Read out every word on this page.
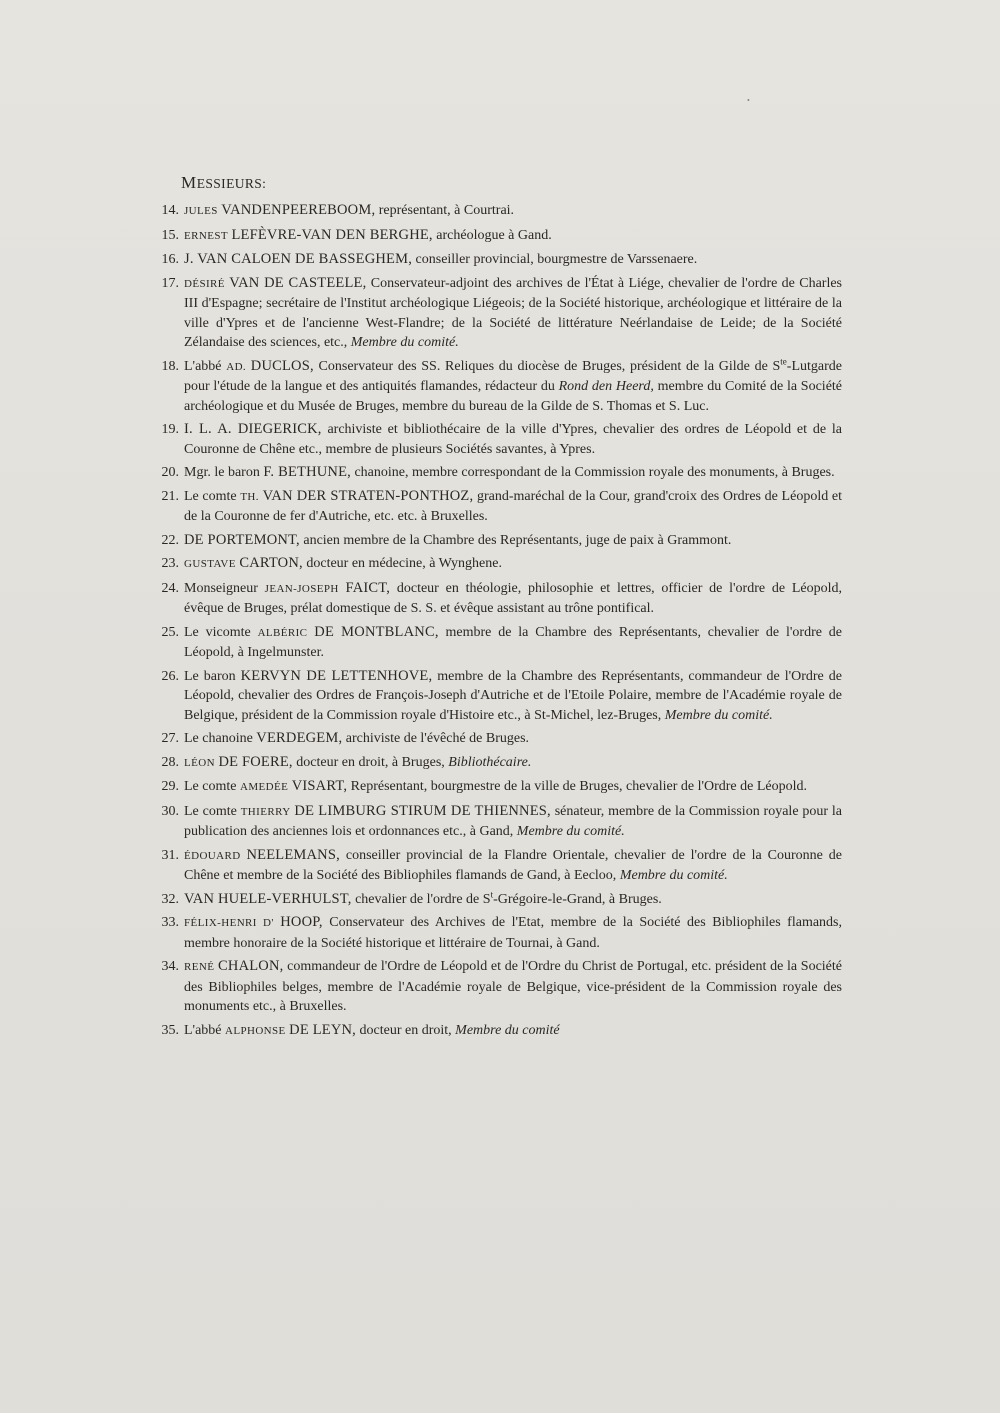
•
MESSIEURS:
14. JULES VANDENPEEREBOOM, représentant, à Courtrai.
15. ERNEST LEFÈVRE-VAN DEN BERGHE, archéologue à Gand.
16. J. VAN CALOEN DE BASSEGHEM, conseiller provincial, bourgmestre de Varssenaere.
17. DÉSIRÉ VAN DE CASTEELE, Conservateur-adjoint des archives de l'État à Liége, chevalier de l'ordre de Charles III d'Espagne; secrétaire de l'Institut archéologique Liégeois; de la Société historique, archéologique et littéraire de la ville d'Ypres et de l'ancienne West-Flandre; de la Société de littérature Neérlandaise de Leide; de la Société Zélandaise des sciences, etc., Membre du comité.
18. L'abbé AD. DUCLOS, Conservateur des SS. Reliques du diocèse de Bruges, président de la Gilde de $S^{te}$-Lutgarde pour l'étude de la langue et des antiquités flamandes, rédacteur du Rond den Heerd, membre du Comité de la Société archéologique et du Musée de Bruges, membre du bureau de la Gilde de S. Thomas et S. Luc.
19. I. L. A. DIEGERICK, archiviste et bibliothécaire de la ville d'Ypres, chevalier des ordres de Léopold et de la Couronne de Chêne etc., membre de plusieurs Sociétés savantes, à Ypres.
20. Mgr. le baron F. BETHUNE, chanoine, membre correspondant de la Commission royale des monuments, à Bruges.
21. Le comte TH. VAN DER STRATEN-PONTHOZ, grand-maréchal de la Cour, grand'croix des Ordres de Léopold et de la Couronne de fer d'Autriche, etc. etc. à Bruxelles.
22. DE PORTEMONT, ancien membre de la Chambre des Représentants, juge de paix à Grammont.
23. GUSTAVE CARTON, docteur en médecine, à Wynghene.
24. Monseigneur JEAN-JOSEPH FAICT, docteur en théologie, philosophie et lettres, officier de l'ordre de Léopold, évêque de Bruges, prélat domestique de S. S. et évêque assistant au trône pontifical.
25. Le vicomte ALBÉRIC DE MONTBLANC, membre de la Chambre des Représentants, chevalier de l'ordre de Léopold, à Ingelmunster.
26. Le baron KERVYN DE LETTENHOVE, membre de la Chambre des Représentants, commandeur de l'Ordre de Léopold, chevalier des Ordres de François-Joseph d'Autriche et de l'Etoile Polaire, membre de l'Académie royale de Belgique, président de la Commission royale d'Histoire etc., à St-Michel, lez-Bruges, Membre du comité.
27. Le chanoine VERDEGEM, archiviste de l'évêché de Bruges.
28. LÉON DE FOERE, docteur en droit, à Bruges, Bibliothécaire.
29. Le comte AMEDÉE VISART, Représentant, bourgmestre de la ville de Bruges, chevalier de l'Ordre de Léopold.
30. Le comte THIERRY DE LIMBURG STIRUM DE THIENNES, sénateur, membre de la Commission royale pour la publication des anciennes lois et ordonnances etc., à Gand, Membre du comité.
31. ÉDOUARD NEELEMANS, conseiller provincial de la Flandre Orientale, chevalier de l'ordre de la Couronne de Chêne et membre de la Société des Bibliophiles flamands de Gand, à Eecloo, Membre du comité.
32. VAN HUELE-VERHULST, chevalier de l'ordre de $S^t-Grégoire-le$-Grand, à Bruges.
33. FÉLIX-HENRI D' HOOP, Conservateur des Archives de l'Etat, membre de la Société des Bibliophiles flamands, membre honoraire de la Société historique et littéraire de Tournai, à Gand.
34. RENÉ CHALON, commandeur de l'Ordre de Léopold et de l'Ordre du Christ de Portugal, etc. président de la Société des Bibliophiles belges, membre de l'Académie royale de Belgique, vice-président de la Commission royale des monuments etc., à Bruxelles.
35. L'abbé ALPHONSE DE LEYN, docteur en droit, Membre du comité
